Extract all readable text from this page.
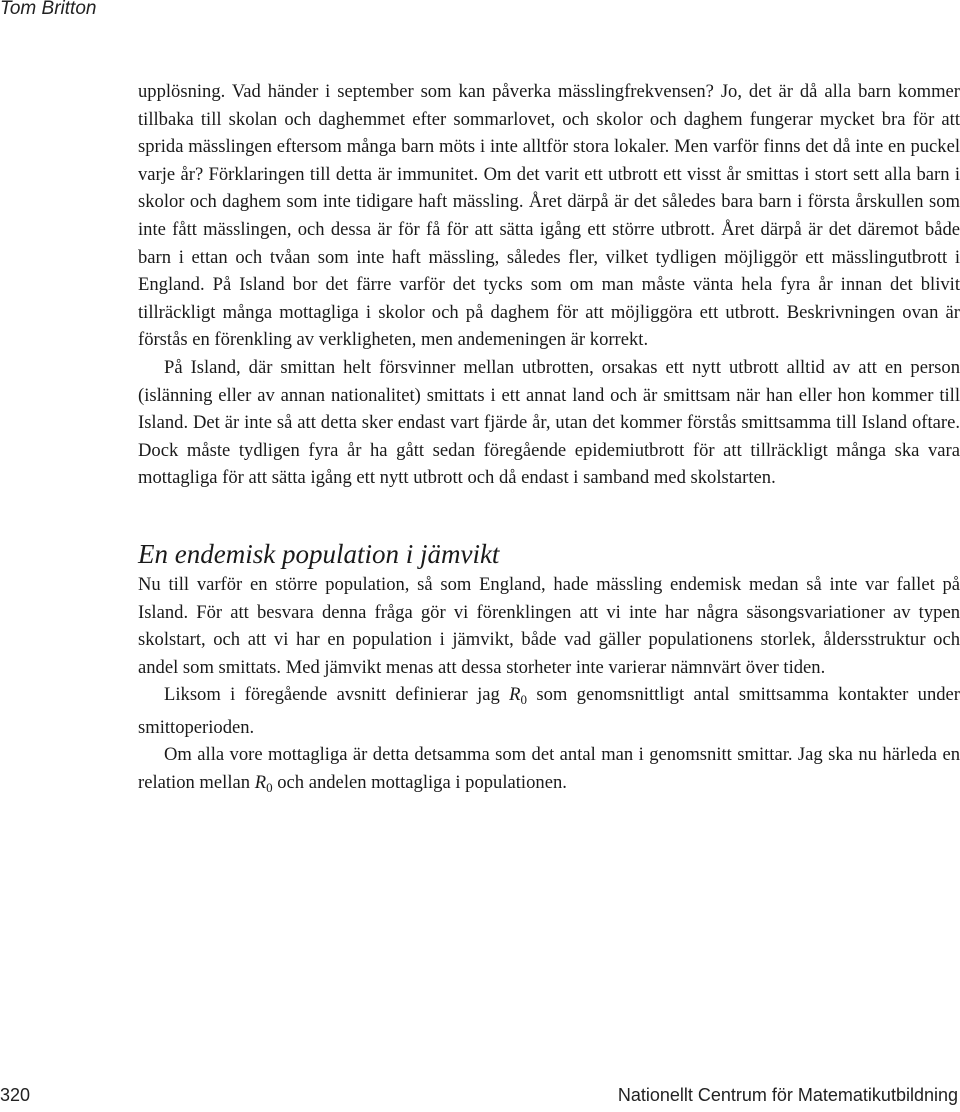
Tom Britton

upplösning. Vad händer i september som kan påverka mässlingfrekvensen? Jo, det är då alla barn kommer tillbaka till skolan och daghemmet efter sommarlovet, och skolor och daghem fungerar mycket bra för att sprida mässlingen eftersom många barn möts i inte alltför stora lokaler. Men varför finns det då inte en puckel varje år? Förklaringen till detta är immunitet. Om det varit ett utbrott ett visst år smittas i stort sett alla barn i skolor och daghem som inte tidigare haft mässling. Året därpå är det således bara barn i första årskullen som inte fått mässlingen, och dessa är för få för att sätta igång ett större utbrott. Året därpå är det däremot både barn i ettan och tvåan som inte haft mässling, således fler, vilket tydligen möjliggör ett mässlingutbrott i England. På Island bor det färre varför det tycks som om man måste vänta hela fyra år innan det blivit tillräckligt många mottagliga i skolor och på daghem för att möjliggöra ett utbrott. Beskrivningen ovan är förstås en förenkling av verkligheten, men andemeningen är korrekt.

På Island, där smittan helt försvinner mellan utbrotten, orsakas ett nytt utbrott alltid av att en person (islänning eller av annan nationalitet) smittats i ett annat land och är smittsam när han eller hon kommer till Island. Det är inte så att detta sker endast vart fjärde år, utan det kommer förstås smittsamma till Island oftare. Dock måste tydligen fyra år ha gått sedan föregående epidemiutbrott för att tillräckligt många ska vara mottagliga för att sätta igång ett nytt utbrott och då endast i samband med skolstarten.

En endemisk population i jämvikt

Nu till varför en större population, så som England, hade mässling endemisk medan så inte var fallet på Island. För att besvara denna fråga gör vi förenklingen att vi inte har några säsongsvariationer av typen skolstart, och att vi har en population i jämvikt, både vad gäller populationens storlek, åldersstruktur och andel som smittats. Med jämvikt menas att dessa storheter inte varierar nämnvärt över tiden.

Liksom i föregående avsnitt definierar jag $R_0$ som genomsnittligt antal smittsamma kontakter under smittoperioden.

Om alla vore mottagliga är detta detsamma som det antal man i genomsnitt smittar. Jag ska nu härleda en relation mellan $R_0$ och andelen mottagliga i populationen.

320	Nationellt Centrum för Matematikutbildning
